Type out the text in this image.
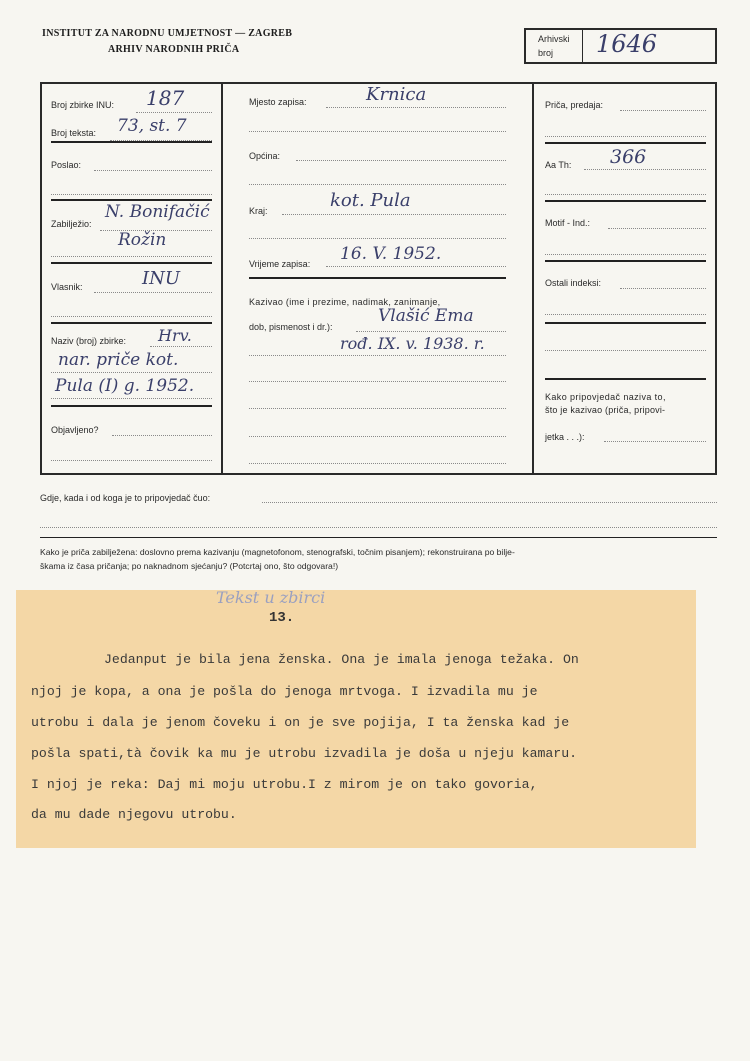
INSTITUT ZA NARODNU UMJETNOST — ZAGREB
ARHIV NARODNIH PRIČA
Arhivski
broj 1646
Broj zbirke INU: 187
Broj teksta: 73, st. 7
Poslao:
Zabilježio:
N. Bonifačić
Rožin
Vlasnik:	INU
Naziv (broj) zbirke: Hrv.
nar. priče kot.
Pula (I) g. 1952.
Objavljeno?
Mjesto zapisa:	Krnica
Općina:
Kraj:	kot. Pula
Vrijeme zapisa: 16. V. 1952.
Kazivao (ime i prezime, nadimak, zanimanje,
dob, pismenost i dr.):
Vlašić Ema
rođ. IX. v. 1938. r.
Priča, predaja:
Aa Th: 366
Motif - Ind.:
Ostali indeksi:
Kako pripovjedač naziva to,
što je kazivao (priča, pripovi-
jetka . . .):
Gdje, kada i od koga je to pripovjedač čuo:
Kako je priča zabilježena: doslovno prema kazivanju (magnetofonom, stenografski, točnim pisanjem); rekonstruirana po bilje-
škama iz časa pričanja; po naknadnom sjećanju? (Potcrtaj ono, što odgovara!)
Tekst u zbirci
13.
Jedanput je bila jena ženska. Ona je imala jenoga težaka. On
njoj je kopa, a ona je pošla do jenoga mrtvoga. I izvadila mu je
utrobu i dala je jenom čoveku i on je sve pojija, I ta ženska kad je
pošla spati,tà čovik ka mu je utrobu izvadila je doša u njeju kamaru.
I njoj je reka: Daj mi moju utrobu.I z mirom je on tako govoria,
da mu dade njegovu utrobu.
